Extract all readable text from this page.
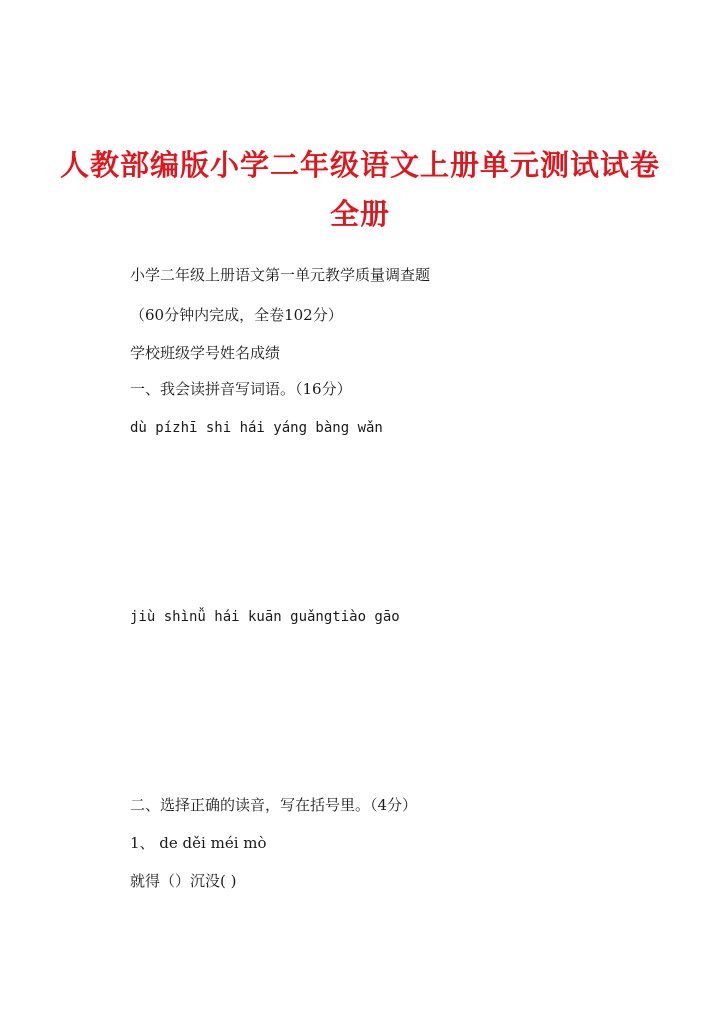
人教部编版小学二年级语文上册单元测试试卷
全册
小学二年级上册语文第一单元教学质量调查题
（60分钟内完成，全卷102分）
学校班级学号姓名成绩
一、我会读拼音写词语。（16分）
dù pízhī shi hái yáng bàng wǎn
jiù shìnǚ hái kuān guǎngtiào gāo
二、选择正确的读音，写在括号里。（4分）
1、 de děi méi mò
就得（）沉没( )
